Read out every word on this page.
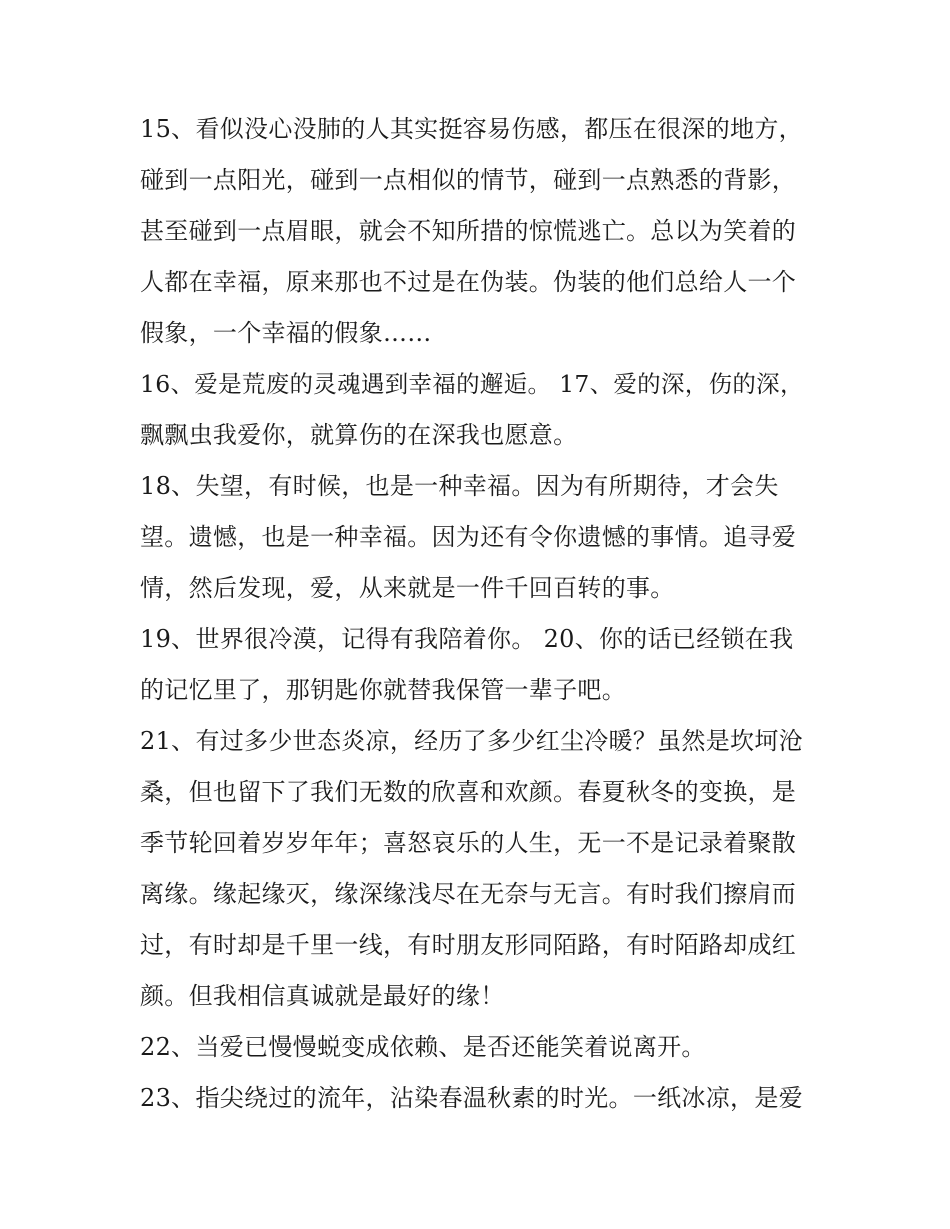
15、看似没心没肺的人其实挺容易伤感，都压在很深的地方，
碰到一点阳光，碰到一点相似的情节，碰到一点熟悉的背影，
甚至碰到一点眉眼，就会不知所措的惊慌逃亡。总以为笑着的
人都在幸福，原来那也不过是在伪装。伪装的他们总给人一个
假象，一个幸福的假象……
16、爱是荒废的灵魂遇到幸福的邂逅。 17、爱的深，伤的深，
飘飘虫我爱你，就算伤的在深我也愿意。
18、失望，有时候，也是一种幸福。因为有所期待，才会失
望。遗憾，也是一种幸福。因为还有令你遗憾的事情。追寻爱
情，然后发现，爱，从来就是一件千回百转的事。
19、世界很冷漠，记得有我陪着你。 20、你的话已经锁在我
的记忆里了，那钥匙你就替我保管一辈子吧。
21、有过多少世态炎凉，经历了多少红尘冷暖？虽然是坎坷沧
桑，但也留下了我们无数的欣喜和欢颜。春夏秋冬的变换，是
季节轮回着岁岁年年；喜怒哀乐的人生，无一不是记录着聚散
离缘。缘起缘灭，缘深缘浅尽在无奈与无言。有时我们擦肩而
过，有时却是千里一线，有时朋友形同陌路，有时陌路却成红
颜。但我相信真诚就是最好的缘！
22、当爱已慢慢蜕变成依赖、是否还能笑着说离开。
23、指尖绕过的流年，沾染春温秋素的时光。一纸冰凉，是爱
